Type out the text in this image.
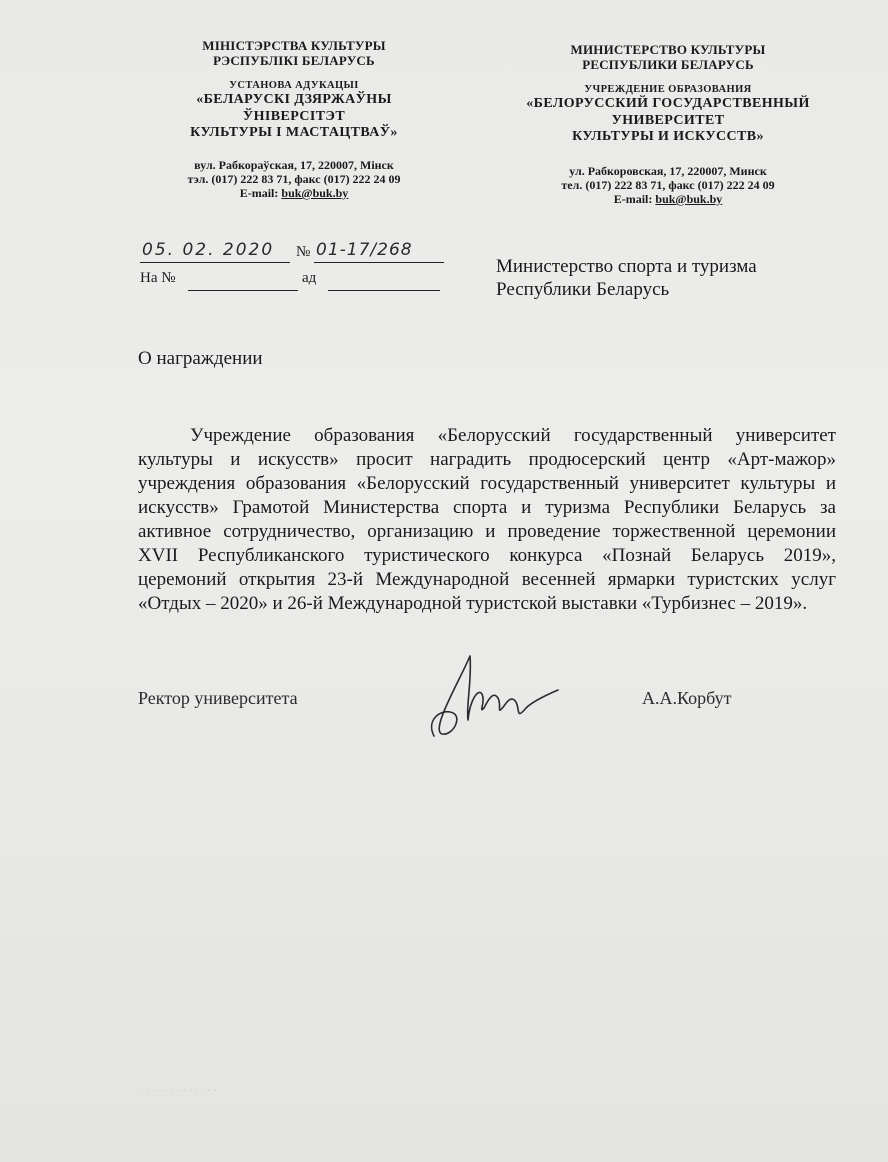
МІНІСТЭРСТВА КУЛЬТУРЫ
РЭСПУБЛІКІ БЕЛАРУСЬ
УСТАНОВА АДУКАЦЫІ
«БЕЛАРУСКІ ДЗЯРЖАЎНЫ
ЎНІВЕРСІТЭТ
КУЛЬТУРЫ І МАСТАЦТВАЎ»
вул. Рабкораўская, 17, 220007, Мінск
тэл. (017) 222 83 71, факс (017) 222 24 09
E-mail: buk@buk.by
МИНИСТЕРСТВО КУЛЬТУРЫ
РЕСПУБЛИКИ БЕЛАРУСЬ
УЧРЕЖДЕНИЕ ОБРАЗОВАНИЯ
«БЕЛОРУССКИЙ ГОСУДАРСТВЕННЫЙ
УНИВЕРСИТЕТ
КУЛЬТУРЫ И ИСКУССТВ»
ул. Рабкоровская, 17, 220007, Минск
тел. (017) 222 83 71, факс (017) 222 24 09
E-mail: buk@buk.by
05. 02. 2020 № 01-17/268
На №	ад
Министерство спорта и туризма
Республики Беларусь
О награждении
Учреждение образования «Белорусский государственный университет культуры и искусств» просит наградить продюсерский центр «Арт-мажор» учреждения образования «Белорусский государственный университет культуры и искусств» Грамотой Министерства спорта и туризма Республики Беларусь за активное сотрудничество, организацию и проведение торжественной церемонии XVII Республиканского туристического конкурса «Познай Беларусь 2019», церемоний открытия 23-й Международной весенней ярмарки туристских услуг «Отдых – 2020» и 26-й Международной туристской выставки «Турбизнес – 2019».
Ректор университета	А.А.Корбут
· · · · · · · · · · · · · ·
